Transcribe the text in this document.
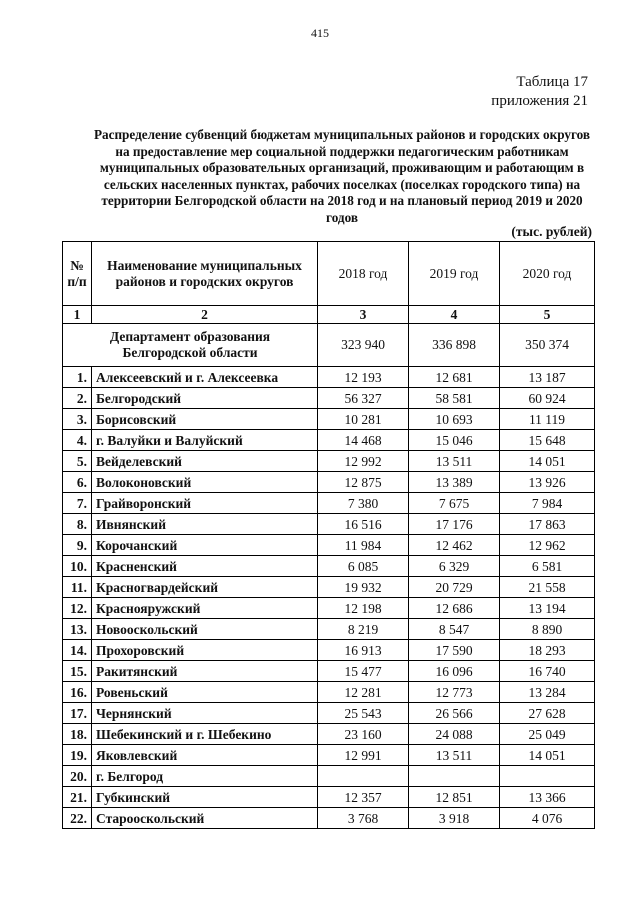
415
Таблица 17
приложения 21
Распределение субвенций бюджетам муниципальных районов и городских округов на предоставление мер социальной поддержки педагогическим работникам муниципальных образовательных организаций, проживающим и работающим в сельских населенных пунктах, рабочих поселках (поселках городского типа) на территории Белгородской области на 2018 год и на плановый период 2019 и 2020 годов
(тыс. рублей)
№ п/п	Наименование муниципальных районов и городских округов	2018 год	2019 год	2020 год
1	2	3	4	5
Департамент образования Белгородской области		323 940	336 898	350 374
1.	Алексеевский и г. Алексеевка	12 193	12 681	13 187
2.	Белгородский	56 327	58 581	60 924
3.	Борисовский	10 281	10 693	11 119
4.	г. Валуйки и Валуйский	14 468	15 046	15 648
5.	Вейделевский	12 992	13 511	14 051
6.	Волоконовский	12 875	13 389	13 926
7.	Грайворонский	7 380	7 675	7 984
8.	Ивнянский	16 516	17 176	17 863
9.	Корочанский	11 984	12 462	12 962
10.	Красненский	6 085	6 329	6 581
11.	Красногвардейский	19 932	20 729	21 558
12.	Краснояружский	12 198	12 686	13 194
13.	Новооскольский	8 219	8 547	8 890
14.	Прохоровский	16 913	17 590	18 293
15.	Ракитянский	15 477	16 096	16 740
16.	Ровеньский	12 281	12 773	13 284
17.	Чернянский	25 543	26 566	27 628
18.	Шебекинский и г. Шебекино	23 160	24 088	25 049
19.	Яковлевский	12 991	13 511	14 051
20.	г. Белгород			
21.	Губкинский	12 357	12 851	13 366
22.	Старооскольский	3 768	3 918	4 076
